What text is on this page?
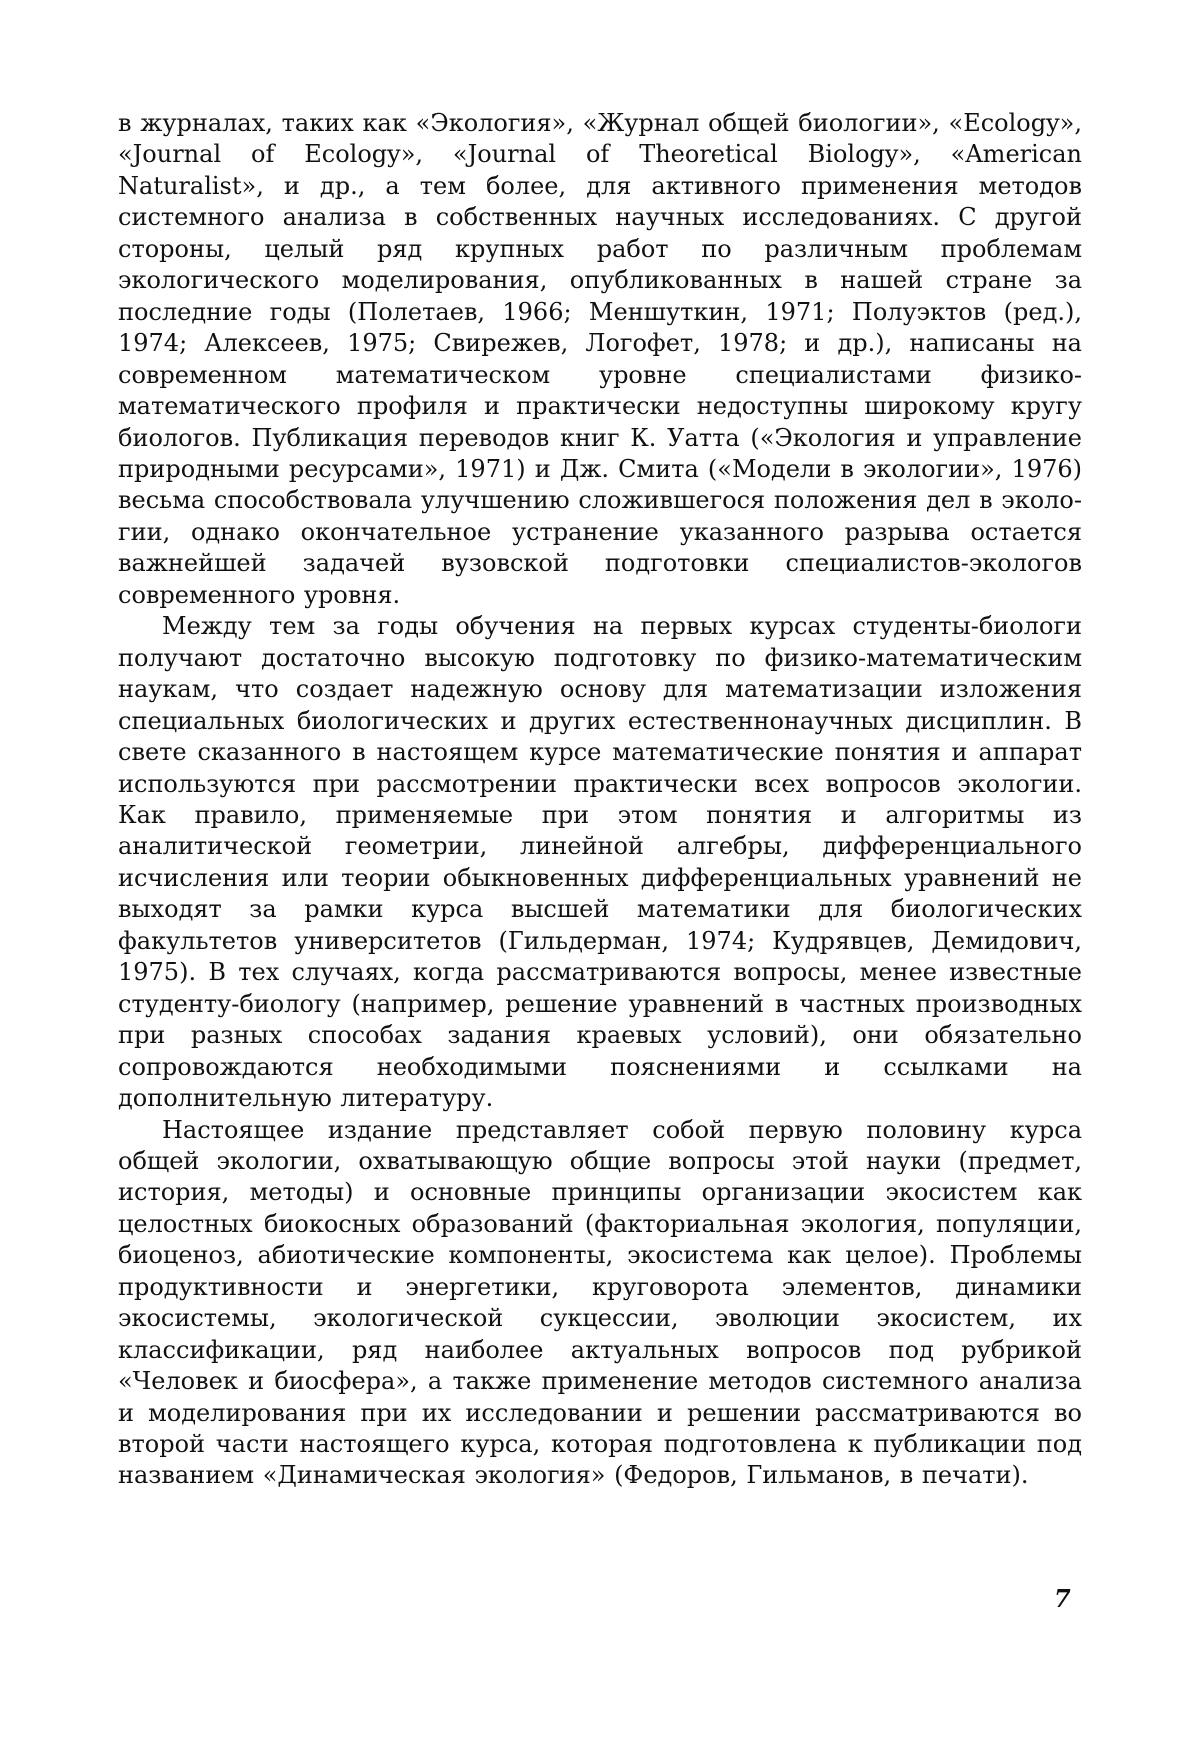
в журналах, таких как «Экология», «Журнал общей биологии», «Ecology», «Journal of Ecology», «Journal of Theoretical Biology», «American Naturalist», и др., а тем более, для активного применения методов системного анализа в собственных научных исследованиях. С другой стороны, целый ряд крупных работ по различным проблемам экологического моделирования, опубликованных в нашей стране за последние годы (Полетаев, 1966; Меншуткин, 1971; Полуэктов (ред.), 1974; Алексеев, 1975; Свирежев, Логофет, 1978; и др.), написаны на современном математическом уровне специалистами физико-математического профиля и практически недоступны широкому кругу биологов. Публикация переводов книг К. Уатта («Экология и управление природными ресурсами», 1971) и Дж. Смита («Модели в экологии», 1976) весьма способствовала улучшению сложившегося положения дел в экологии, однако окончательное устранение указанного разрыва остается важнейшей задачей вузовской подготовки специалистов-экологов современного уровня.

Между тем за годы обучения на первых курсах студенты-биологи получают достаточно высокую подготовку по физико-математическим наукам, что создает надежную основу для математизации изложения специальных биологических и других естественнонаучных дисциплин. В свете сказанного в настоящем курсе математические понятия и аппарат используются при рассмотрении практически всех вопросов экологии. Как правило, применяемые при этом понятия и алгоритмы из аналитической геометрии, линейной алгебры, дифференциального исчисления или теории обыкновенных дифференциальных уравнений не выходят за рамки курса высшей математики для биологических факультетов университетов (Гильдерман, 1974; Кудрявцев, Демидович, 1975). В тех случаях, когда рассматриваются вопросы, менее известные студенту-биологу (например, решение уравнений в частных производных при разных способах задания краевых условий), они обязательно сопровождаются необходимыми пояснениями и ссылками на дополнительную литературу.

Настоящее издание представляет собой первую половину курса общей экологии, охватывающую общие вопросы этой науки (предмет, история, методы) и основные принципы организации экосистем как целостных биокосных образований (факториальная экология, популяции, биоценоз, абиотические компоненты, экосистема как целое). Проблемы продуктивности и энергетики, круговорота элементов, динамики экосистемы, экологической сукцессии, эволюции экосистем, их классификации, ряд наиболее актуальных вопросов под рубрикой «Человек и биосфера», а также применение методов системного анализа и моделирования при их исследовании и решении рассматриваются во второй части настоящего курса, которая подготовлена к публикации под названием «Динамическая экология» (Федоров, Гильманов, в печати).

7
